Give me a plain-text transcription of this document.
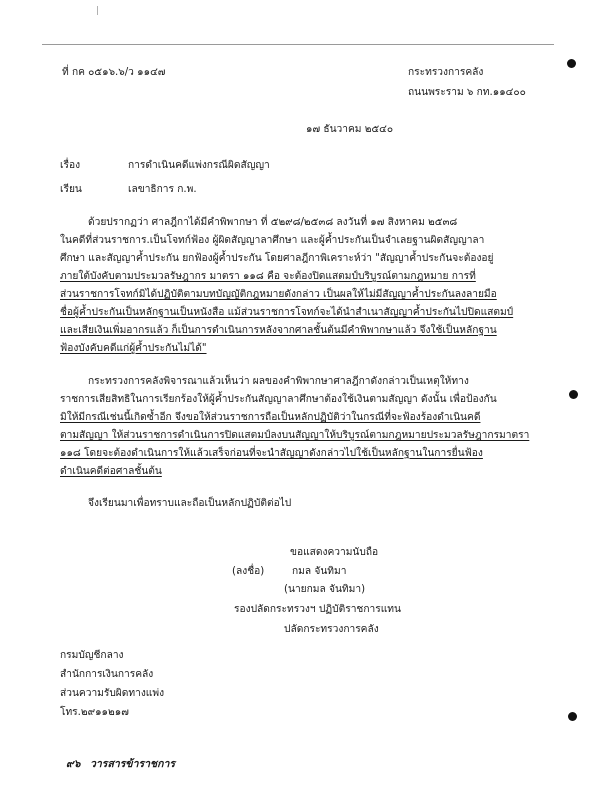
|
ที่ กค ๐๕๑๖.๖/ว ๑๑๔๗	กระทรวงการคลัง
ถนนพระราม ๖ กท.๑๑๔๐๐
๑๗ ธันวาคม ๒๕๔๐
เรื่อง	การดำเนินคดีแพ่งกรณีผิดสัญญา
เรียน	เลขาธิการ ก.พ.
ด้วยปรากฏว่า ศาลฎีกาได้มีคำพิพากษา ที่ ๕๒๙๘/๒๕๓๘ ลงวันที่ ๑๗ สิงหาคม ๒๕๓๘
ในคดีที่ส่วนราชการ.เป็นโจทก์ฟ้อง ผู้ผิดสัญญาลาศึกษา และผู้ค้ำประกันเป็นจำเลยฐานผิดสัญญาลา
ศึกษา และสัญญาค้ำประกัน ยกฟ้องผู้ค้ำประกัน โดยศาลฎีกาพิเคราะห์ว่า "สัญญาค้ำประกันจะต้องอยู่
ภายใต้บังคับตามประมวลรัษฎากร มาตรา ๑๑๘ คือ จะต้องปิดแสตมป์บริบูรณ์ตามกฎหมาย การที่
ส่วนราชการโจทก์มิได้ปฏิบัติตามบทบัญญัติกฎหมายดังกล่าว เป็นผลให้ไม่มีสัญญาค้ำประกันลงลายมือ
ชื่อผู้ค้ำประกันเป็นหลักฐานเป็นหนังสือ แม้ส่วนราชการโจทก์จะได้นำสำเนาสัญญาค้ำประกันไปปิดแสตมป์
และเสียเงินเพิ่มอากรแล้ว ก็เป็นการดำเนินการหลังจากศาลชั้นต้นมีคำพิพากษาแล้ว จึงใช้เป็นหลักฐาน
ฟ้องบังคับคดีแก่ผู้ค้ำประกันไม่ได้"
กระทรวงการคลังพิจารณาแล้วเห็นว่า ผลของคำพิพากษาศาลฎีกาดังกล่าวเป็นเหตุให้ทาง
ราชการเสียสิทธิในการเรียกร้องให้ผู้ค้ำประกันสัญญาลาศึกษาต้องใช้เงินตามสัญญา ดังนั้น เพื่อป้องกัน
มิให้มีกรณีเช่นนี้เกิดซ้ำอีก จึงขอให้ส่วนราชการถือเป็นหลักปฏิบัติว่าในกรณีที่จะฟ้องร้องดำเนินคดี
ตามสัญญา ให้ส่วนราชการดำเนินการปิดแสตมป์ลงบนสัญญาให้บริบูรณ์ตามกฎหมายประมวลรัษฎากรมาตรา
๑๑๘ โดยจะต้องดำเนินการให้แล้วเสร็จก่อนที่จะนำสัญญาดังกล่าวไปใช้เป็นหลักฐานในการยื่นฟ้อง
ดำเนินคดีต่อศาลชั้นต้น
จึงเรียนมาเพื่อทราบและถือเป็นหลักปฏิบัติต่อไป
ขอแสดงความนับถือ
(ลงชื่อ)	กมล จันทิมา
(นายกมล จันทิมา)
รองปลัดกระทรวงฯ ปฏิบัติราชการแทน
ปลัดกระทรวงการคลัง
กรมบัญชีกลาง
สำนักการเงินการคลัง
ส่วนความรับผิดทางแพ่ง
โทร.๒๙๑๑๒๑๗
๙๖ วารสารข้าราชการ
